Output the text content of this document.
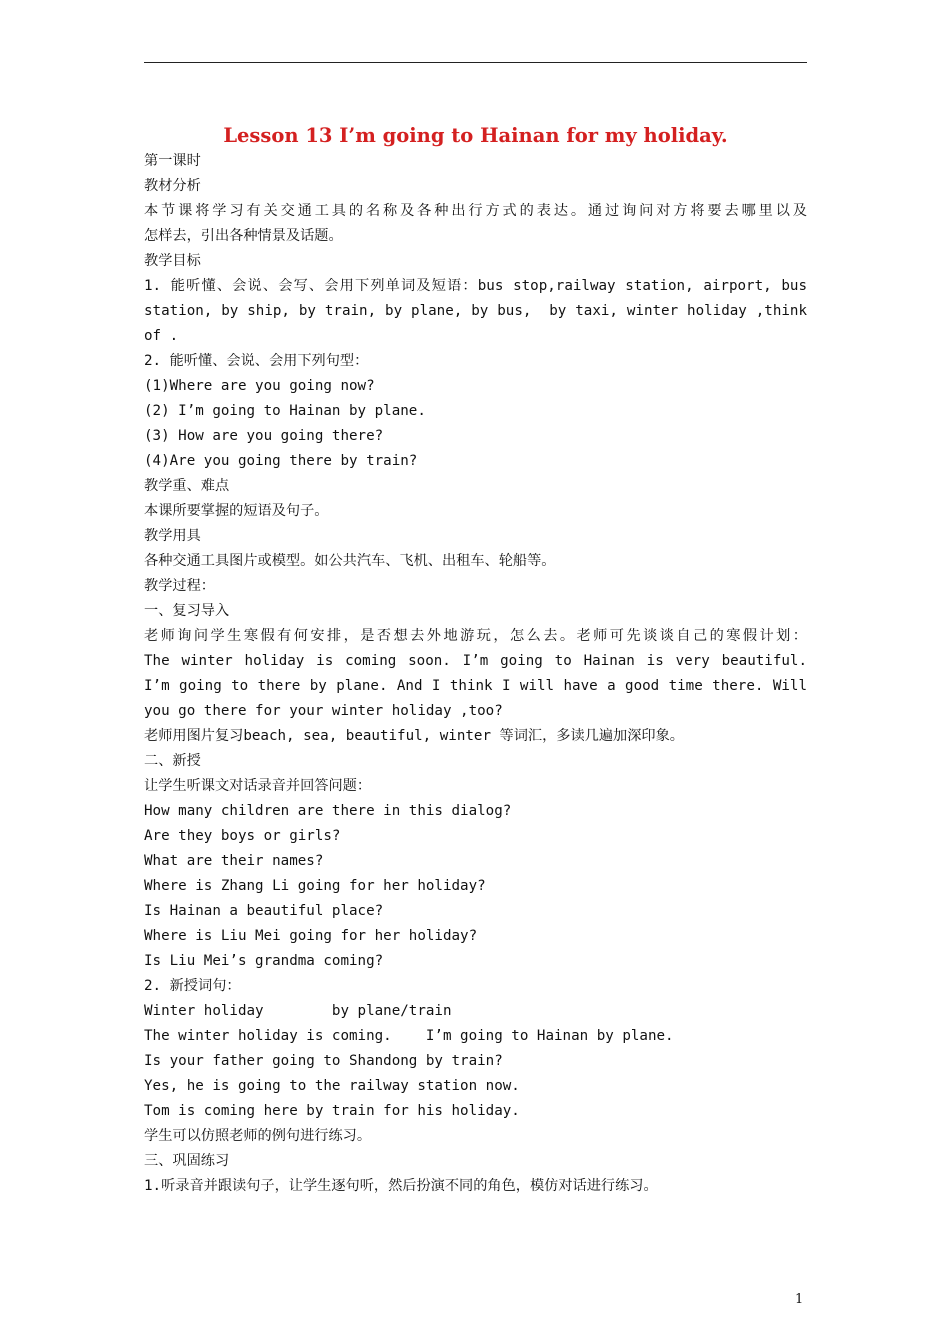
Lesson 13 I’m going to Hainan for my holiday.
第一课时
教材分析
本节课将学习有关交通工具的名称及各种出行方式的表达。通过询问对方将要去哪里以及
怎样去，引出各种情景及话题。
教学目标
1. 能听懂、会说、会写、会用下列单词及短语：bus stop,railway station, airport, bus
station, by ship, by train, by plane, by bus,  by taxi, winter holiday ,think
of .
2. 能听懂、会说、会用下列句型：
(1)Where are you going now?
(2) I’m going to Hainan by plane.
(3) How are you going there?
(4)Are you going there by train?
教学重、难点
本课所要掌握的短语及句子。
教学用具
各种交通工具图片或模型。如公共汽车、飞机、出租车、轮船等。
教学过程：
一、复习导入
老师询问学生寒假有何安排，是否想去外地游玩，怎么去。老师可先谈谈自己的寒假计划：
The winter holiday is coming soon. I’m going to Hainan is very beautiful.
I’m going to there by plane. And I think I will have a good time there. Will
you go there for your winter holiday ,too?
老师用图片复习beach, sea, beautiful, winter 等词汇，多读几遍加深印象。
二、新授
让学生听课文对话录音并回答问题：
How many children are there in this dialog?
Are they boys or girls?
What are their names?
Where is Zhang Li going for her holiday?
Is Hainan a beautiful place?
Where is Liu Mei going for her holiday?
Is Liu Mei’s grandma coming?
2. 新授词句：
Winter holiday        by plane/train
The winter holiday is coming.    I’m going to Hainan by plane.
Is your father going to Shandong by train?
Yes, he is going to the railway station now.
Tom is coming here by train for his holiday.
学生可以仿照老师的例句进行练习。
三、巩固练习
1.听录音并跟读句子，让学生逐句听，然后扮演不同的角色，模仿对话进行练习。
1
